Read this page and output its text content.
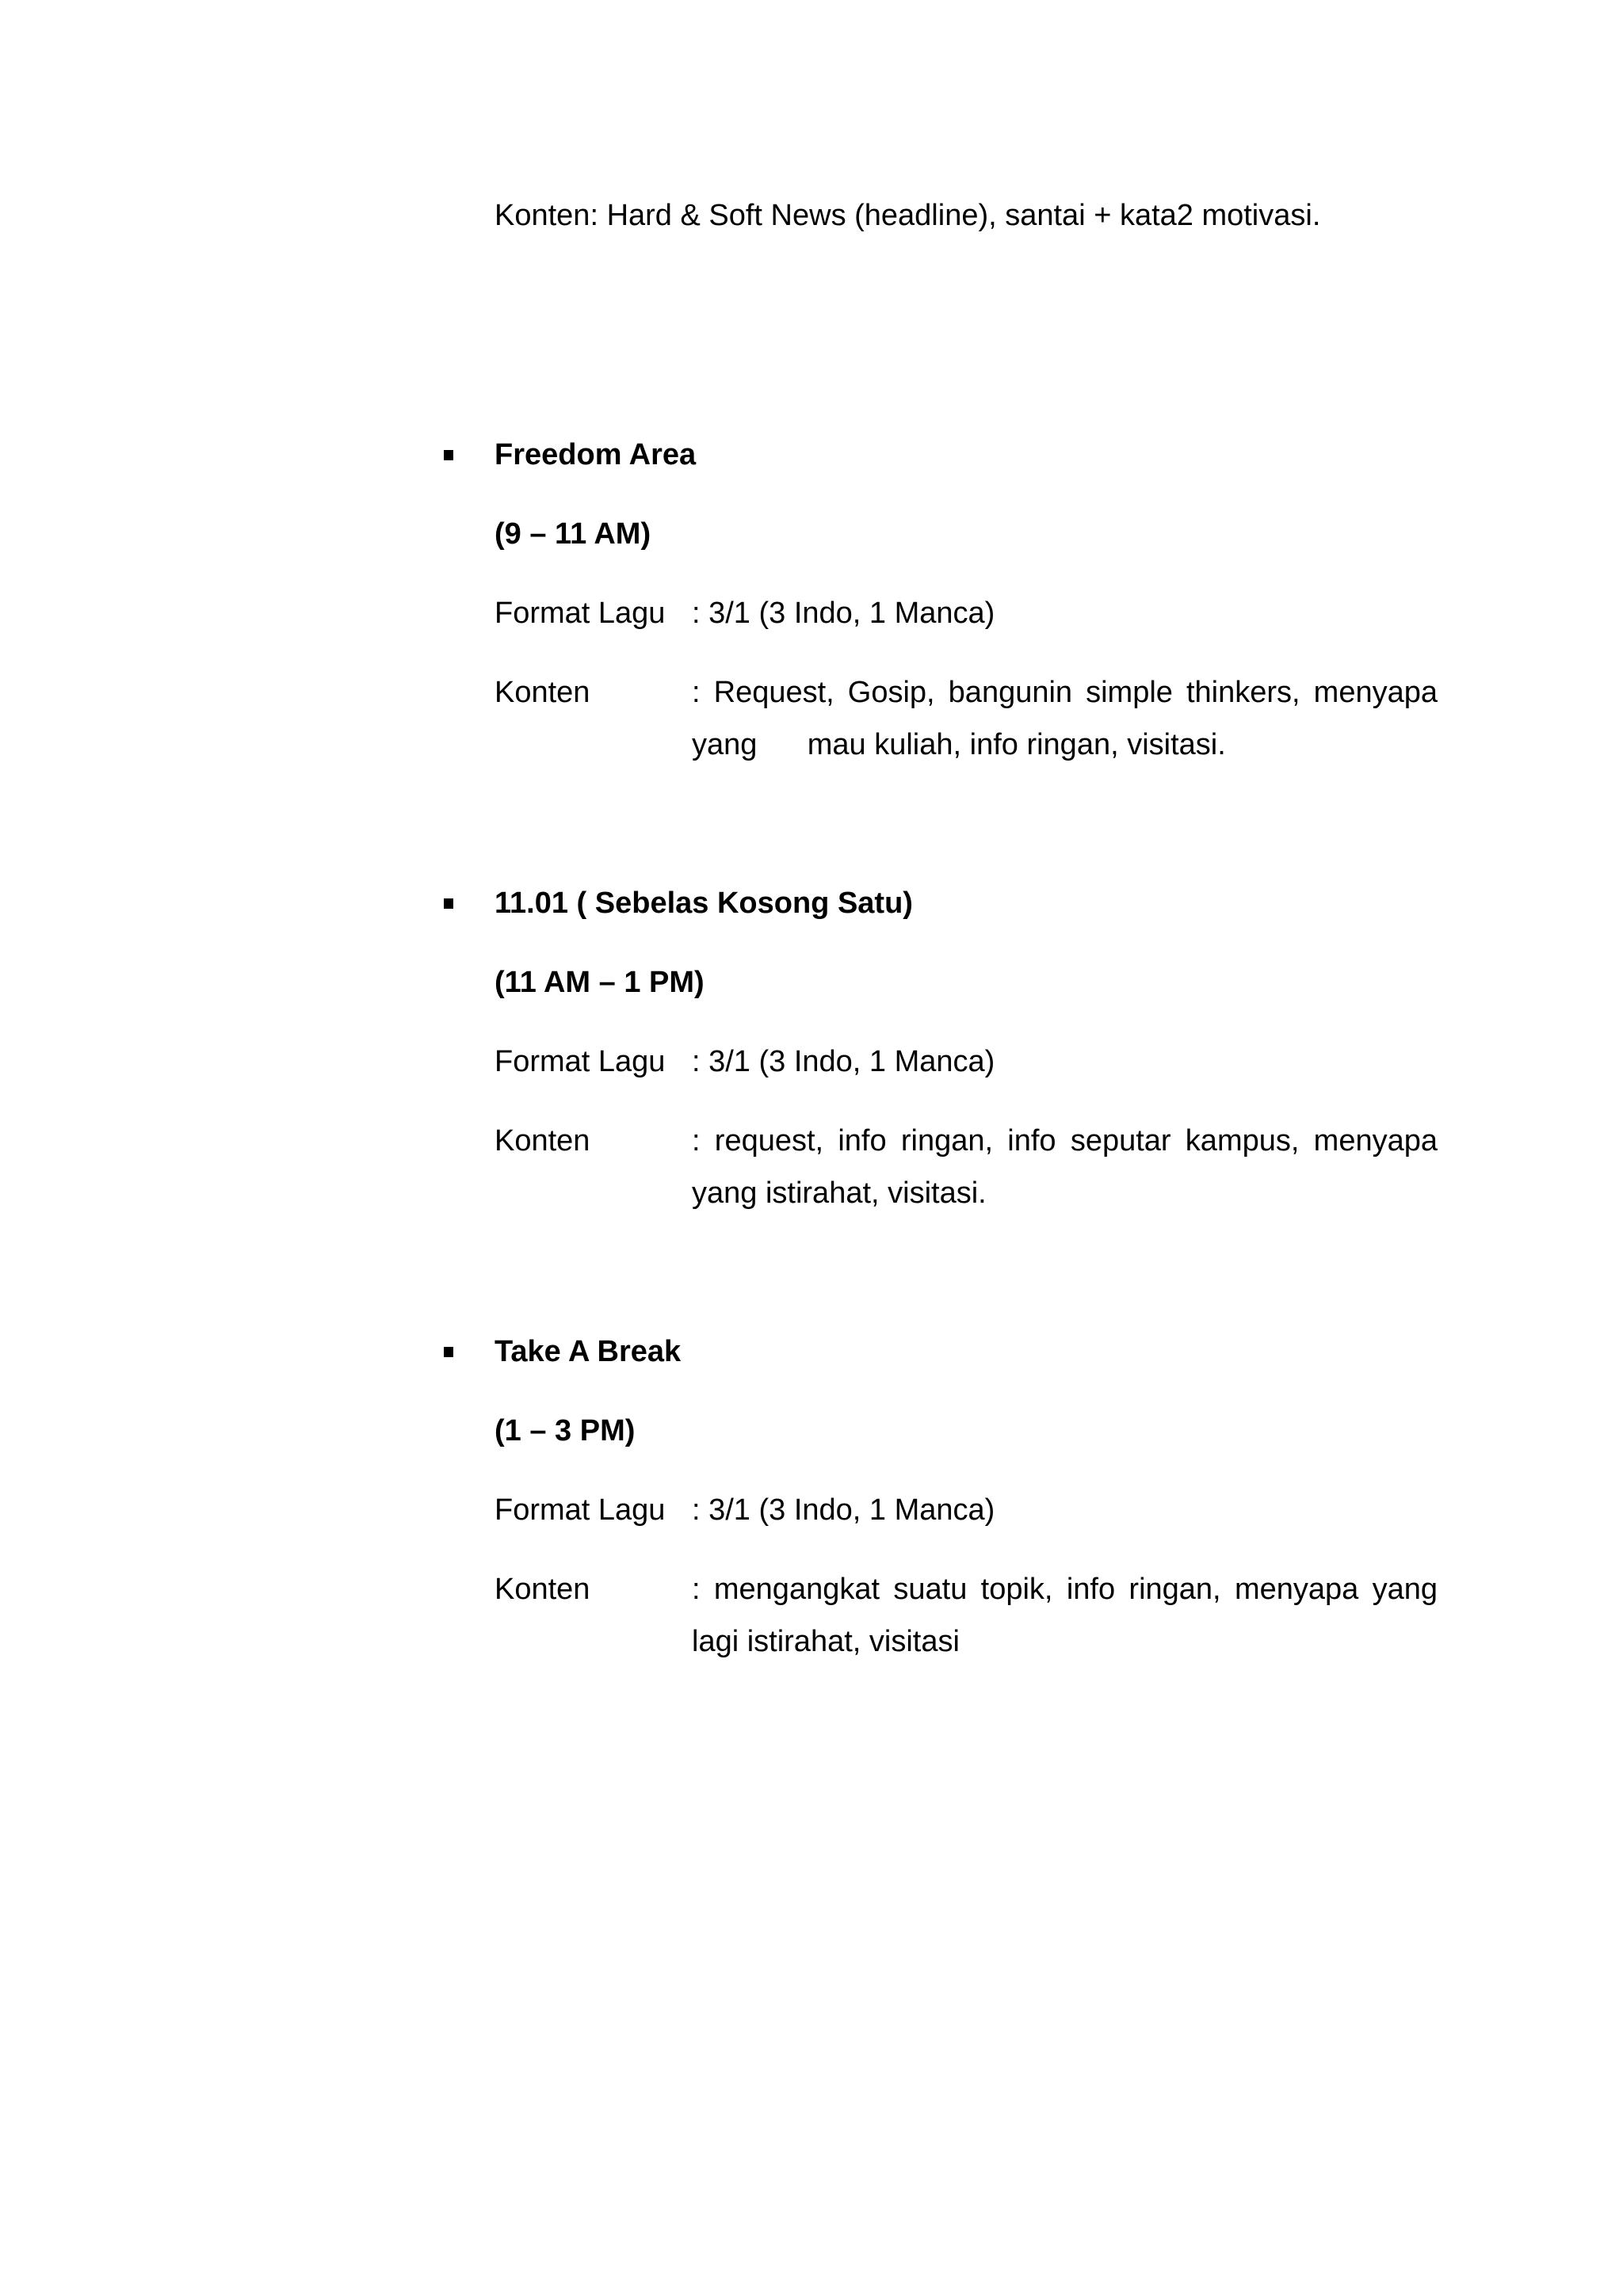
Konten: Hard & Soft News (headline), santai + kata2 motivasi.
Freedom Area
(9 – 11 AM)
Format Lagu : 3/1 (3 Indo, 1 Manca)
Konten	: Request, Gosip, bangunin simple thinkers, menyapa yang      mau kuliah, info ringan, visitasi.
11.01 ( Sebelas Kosong Satu)
(11 AM – 1 PM)
Format Lagu : 3/1 (3 Indo, 1 Manca)
Konten	: request, info ringan, info seputar kampus, menyapa yang istirahat, visitasi.
Take A Break
(1 – 3 PM)
Format Lagu : 3/1 (3 Indo, 1 Manca)
Konten	: mengangkat suatu topik, info ringan, menyapa yang lagi istirahat, visitasi
